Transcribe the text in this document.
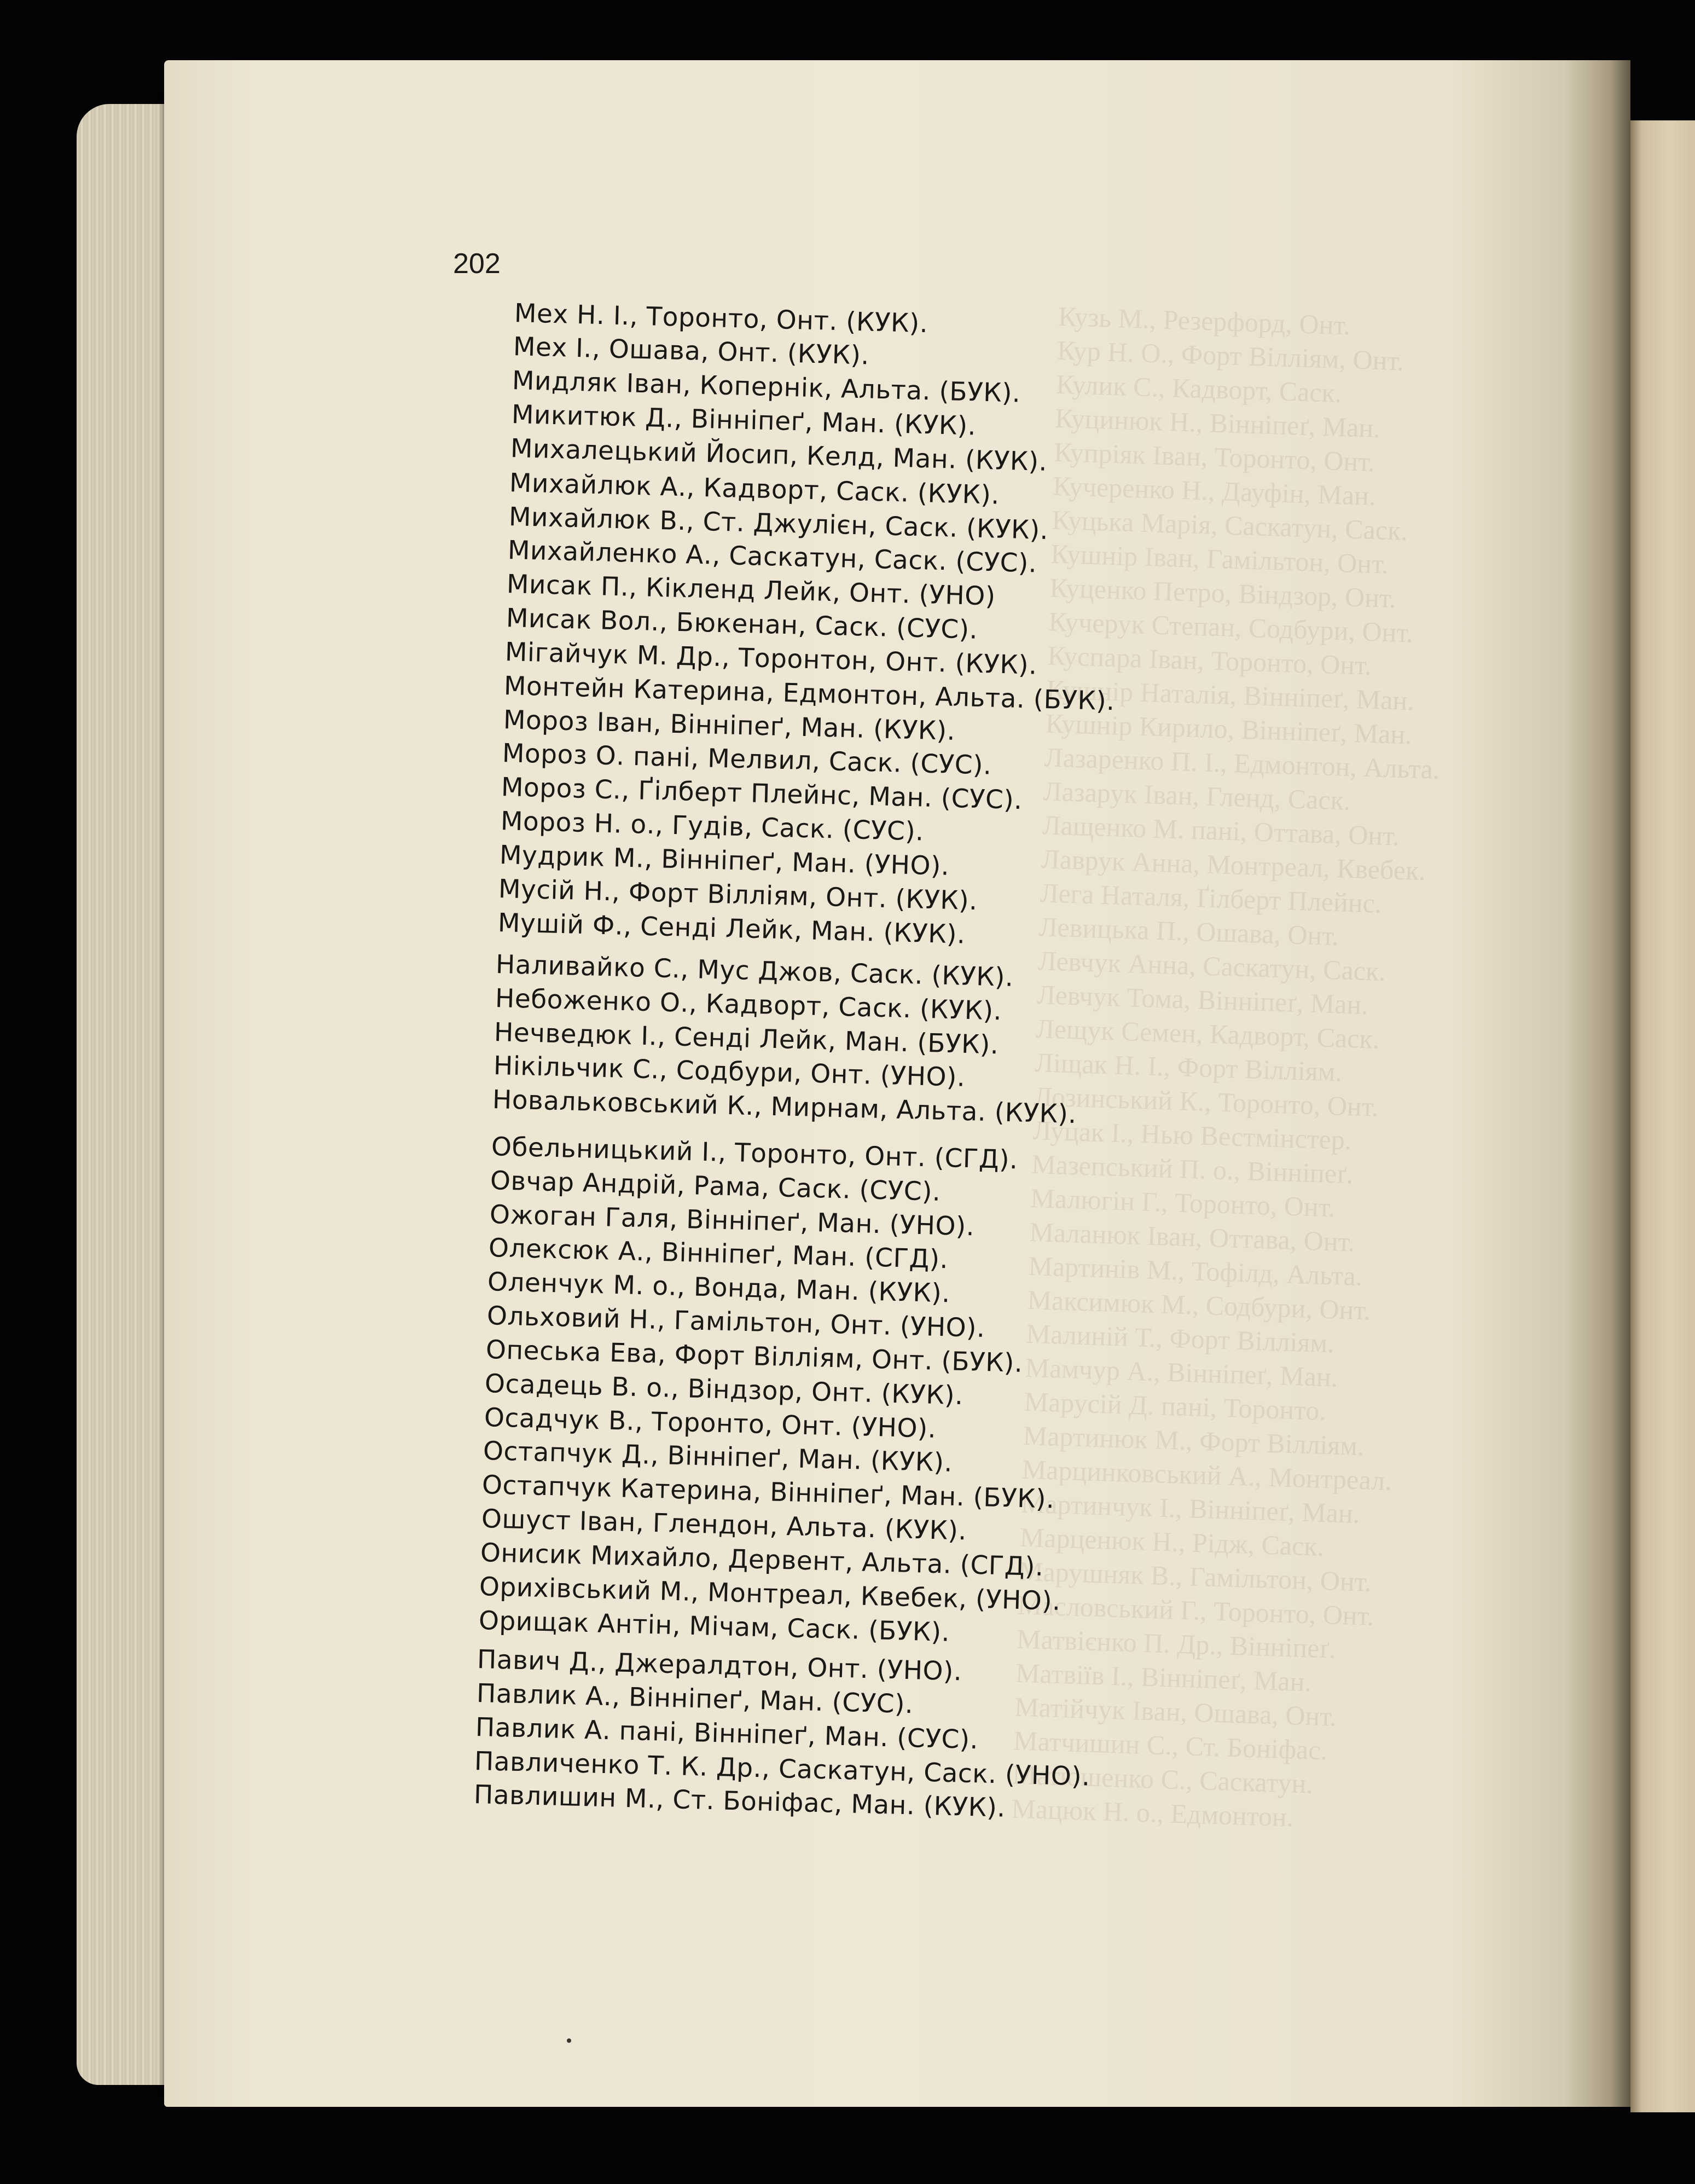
Кузь М., Резерфорд, Онт.
Кур Н. О., Форт Вілліям, Онт.
Кулик С., Кадворт, Саск.
Куцинюк Н., Вінніпеґ, Ман.
Купріяк Іван, Торонто, Онт.
Кучеренко Н., Дауфін, Ман.
Куцька Марія, Саскатун, Саск.
Кушнір Іван, Гамільтон, Онт.
Куценко Петро, Віндзор, Онт.
Кучерук Степан, Содбури, Онт.
Куспара Іван, Торонто, Онт.
Кушнір Наталія, Вінніпеґ, Ман.
Кушнір Кирило, Вінніпеґ, Ман.
Лазаренко П. І., Едмонтон, Альта.
Лазарук Іван, Гленд, Саск.
Лащенко М. пані, Оттава, Онт.
Лаврук Анна, Монтреал, Квебек.
Лега Наталя, Ґілберт Плейнс.
Левицька П., Ошава, Онт.
Левчук Анна, Саскатун, Саск.
Левчук Тома, Вінніпеґ, Ман.
Лещук Семен, Кадворт, Саск.
Ліщак Н. І., Форт Вілліям.
Лозинський К., Торонто, Онт.
Луцак І., Нью Вестмінстер.
Мазепський П. о., Вінніпеґ.
Малюгін Г., Торонто, Онт.
Маланюк Іван, Оттава, Онт.
Мартинів М., Тофілд, Альта.
Максимюк М., Содбури, Онт.
Малиній Т., Форт Вілліям.
Мамчур А., Вінніпеґ, Ман.
Марусій Д. пані, Торонто.
Мартинюк М., Форт Вілліям.
Марцинковський А., Монтреал.
Мартинчук І., Вінніпеґ, Ман.
Марценюк Н., Рідж, Саск.
Марушняк В., Гамільтон, Онт.
Масловський Г., Торонто, Онт.
Матвієнко П. Др., Вінніпеґ.
Матвіїв І., Вінніпеґ, Ман.
Матійчук Іван, Ошава, Онт.
Матчишин С., Ст. Боніфас.
Матюшенко С., Саскатун.
Мацюк Н. о., Едмонтон.
202
Мех Н. І., Торонто, Онт. (КУК).
Мех І., Ошава, Онт. (КУК).
Мидляк Іван, Копернік, Альта. (БУК).
Микитюк Д., Вінніпеґ, Ман. (КУК).
Михалецький Йосип, Келд, Ман. (КУК).
Михайлюк А., Кадворт, Саск. (КУК).
Михайлюк В., Ст. Джулієн, Саск. (КУК).
Михайленко А., Саскатун, Саск. (СУС).
Мисак П., Кікленд Лейк, Онт. (УНО)
Мисак Вол., Бюкенан, Саск. (СУС).
Мігайчук М. Др., Торонтон, Онт. (КУК).
Монтейн Катерина, Едмонтон, Альта. (БУК).
Мороз Іван, Вінніпеґ, Ман. (КУК).
Мороз О. пані, Мелвил, Саск. (СУС).
Мороз С., Ґілберт Плейнс, Ман. (СУС).
Мороз Н. о., Гудів, Саск. (СУС).
Мудрик М., Вінніпеґ, Ман. (УНО).
Мусій Н., Форт Вілліям, Онт. (КУК).
Мушій Ф., Сенді Лейк, Ман. (КУК).
Наливайко С., Мус Джов, Саск. (КУК).
Небоженко О., Кадворт, Саск. (КУК).
Нечведюк І., Сенді Лейк, Ман. (БУК).
Нікільчик С., Содбури, Онт. (УНО).
Новальковський К., Мирнам, Альта. (КУК).
Обельницький І., Торонто, Онт. (СГД).
Овчар Андрій, Рама, Саск. (СУС).
Ожоган Галя, Вінніпеґ, Ман. (УНО).
Олексюк А., Вінніпеґ, Ман. (СГД).
Оленчук М. о., Вонда, Ман. (КУК).
Ольховий Н., Гамільтон, Онт. (УНО).
Опеська Ева, Форт Вілліям, Онт. (БУК).
Осадець В. о., Віндзор, Онт. (КУК).
Осадчук В., Торонто, Онт. (УНО).
Остапчук Д., Вінніпеґ, Ман. (КУК).
Остапчук Катерина, Вінніпеґ, Ман. (БУК).
Ошуст Іван, Глендон, Альта. (КУК).
Онисик Михайло, Дервент, Альта. (СГД).
Орихівський М., Монтреал, Квебек, (УНО).
Орищак Антін, Мічам, Саск. (БУК).
Павич Д., Джералдтон, Онт. (УНО).
Павлик А., Вінніпеґ, Ман. (СУС).
Павлик А. пані, Вінніпеґ, Ман. (СУС).
Павличенко Т. К. Др., Саскатун, Саск. (УНО).
Павлишин М., Ст. Боніфас, Ман. (КУК).
